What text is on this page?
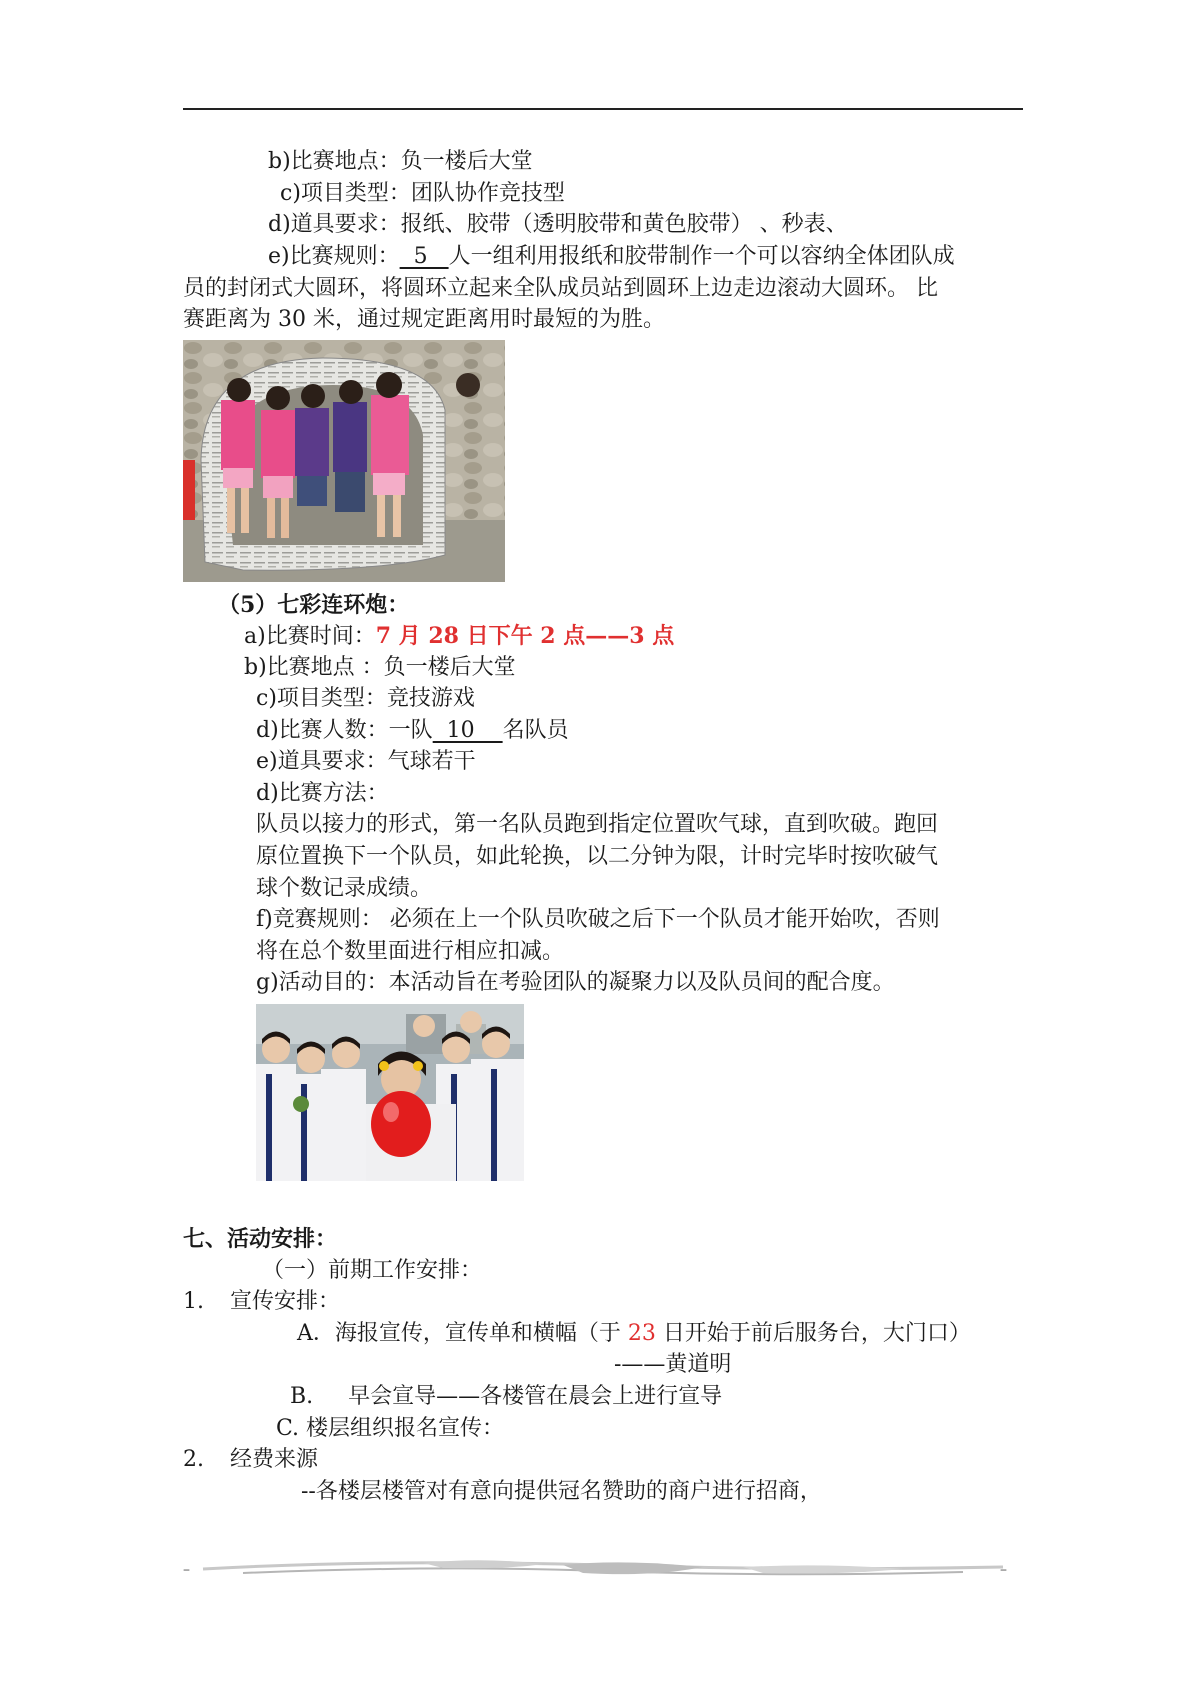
b)比赛地点：负一楼后大堂
c)项目类型：团队协作竞技型
d)道具要求：报纸、胶带（透明胶带和黄色胶带） 、秒表、
e)比赛规则：  5   人一组利用报纸和胶带制作一个可以容纳全体团队成
员的封闭式大圆环，将圆环立起来全队成员站到圆环上边走边滚动大圆环。 比
赛距离为 30 米，通过规定距离用时最短的为胜。
（5）七彩连环炮：
a)比赛时间：7 月 28 日下午 2 点——3 点
b)比赛地点 ：负一楼后大堂
c)项目类型：竞技游戏
d)比赛人数：一队  10    名队员
e)道具要求：气球若干
d)比赛方法：
队员以接力的形式，第一名队员跑到指定位置吹气球，直到吹破。跑回
原位置换下一个队员，如此轮换，以二分钟为限，计时完毕时按吹破气
球个数记录成绩。
f)竞赛规则： 必须在上一个队员吹破之后下一个队员才能开始吹，否则
将在总个数里面进行相应扣减。
g)活动目的：本活动旨在考验团队的凝聚力以及队员间的配合度。
七、活动安排：
（一）前期工作安排：
1. 宣传安排：
A．海报宣传，宣传单和横幅（于 23 日开始于前后服务台，大门口）
-——黄道明
B.     早会宣导——各楼管在晨会上进行宣导
C. 楼层组织报名宣传：
2. 经费来源
--各楼层楼管对有意向提供冠名赞助的商户进行招商，
–	–
